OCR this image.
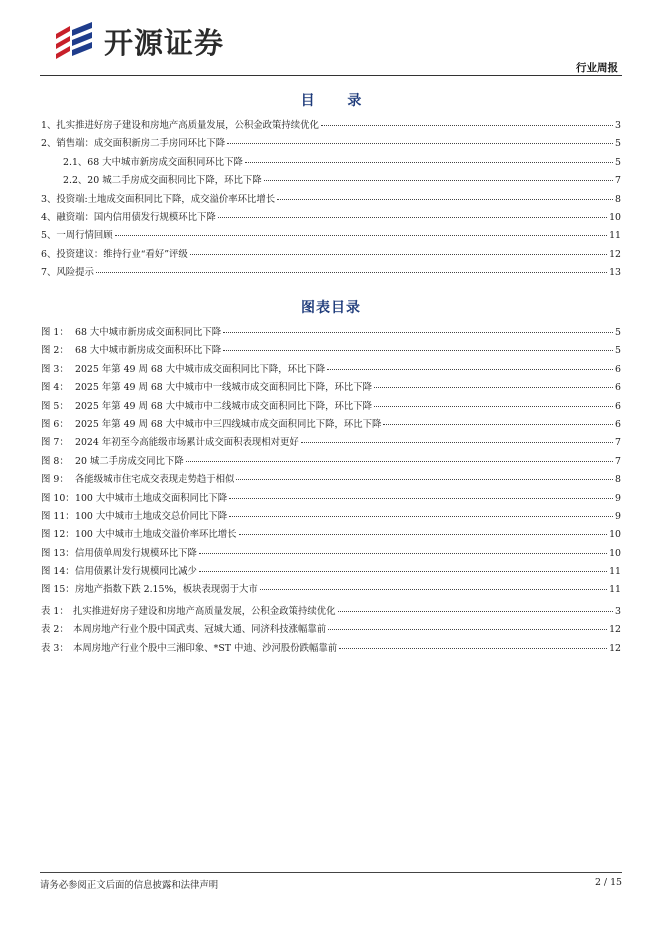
开源证券
行业周报
目 录
1、扎实推进好房子建设和房地产高质量发展，公积金政策持续优化	3
2、销售端：成交面积新房二手房同环比下降	5
2.1、68 大中城市新房成交面积同环比下降	5
2.2、20 城二手房成交面积同比下降，环比下降	7
3、投资端:土地成交面积同比下降，成交溢价率环比增长	8
4、融资端：国内信用债发行规模环比下降	10
5、一周行情回顾	11
6、投资建议：维持行业“看好”评级	12
7、风险提示	13
图表目录
图 1： 68 大中城市新房成交面积同比下降	5
图 2： 68 大中城市新房成交面积环比下降	5
图 3： 2025 年第 49 周 68 大中城市成交面积同比下降，环比下降	6
图 4： 2025 年第 49 周 68 大中城市中一线城市成交面积同比下降，环比下降	6
图 5： 2025 年第 49 周 68 大中城市中二线城市成交面积同比下降，环比下降	6
图 6： 2025 年第 49 周 68 大中城市中三四线城市成交面积同比下降，环比下降	6
图 7： 2024 年初至今高能级市场累计成交面积表现相对更好	7
图 8： 20 城二手房成交同比下降	7
图 9： 各能级城市住宅成交表现走势趋于相似	8
图 10：100 大中城市土地成交面积同比下降	9
图 11：100 大中城市土地成交总价同比下降	9
图 12：100 大中城市土地成交溢价率环比增长	10
图 13：信用债单周发行规模环比下降	10
图 14：信用债累计发行规模同比减少	11
图 15：房地产指数下跌 2.15%，板块表现弱于大市	11
表 1： 扎实推进好房子建设和房地产高质量发展，公积金政策持续优化	3
表 2： 本周房地产行业个股中国武夷、冠城大通、同济科技涨幅靠前	12
表 3： 本周房地产行业个股中三湘印象、*ST 中迪、沙河股份跌幅靠前	12
请务必参阅正文后面的信息披露和法律声明	2 / 15
